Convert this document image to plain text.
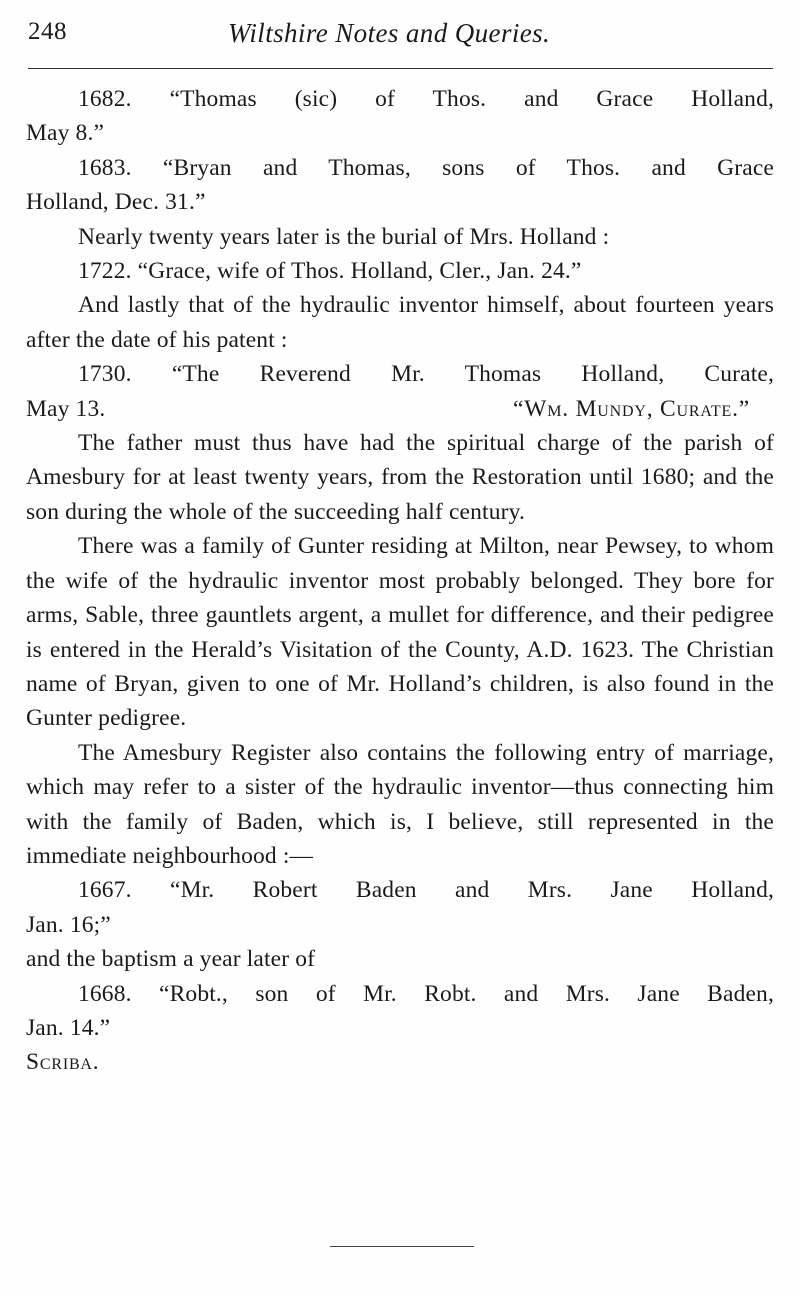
248	Wiltshire Notes and Queries.

1682. “Thomas (sic) of Thos. and Grace Holland,

May 8.”

1683. “Bryan and Thomas, sons of Thos. and Grace

Holland, Dec. 31.”

Nearly twenty years later is the burial of Mrs. Holland :

1722. “Grace, wife of Thos. Holland, Cler., Jan. 24.”

And lastly that of the hydraulic inventor himself, about fourteen years after the date of his patent :

1730. “The Reverend Mr. Thomas Holland, Curate,

May 13.	“Wm. Mundy, Curate.”

The father must thus have had the spiritual charge of the parish of Amesbury for at least twenty years, from the Restoration until 1680; and the son during the whole of the succeeding half century.

There was a family of Gunter residing at Milton, near Pewsey, to whom the wife of the hydraulic inventor most probably belonged. They bore for arms, Sable, three gauntlets argent, a mullet for difference, and their pedigree is entered in the Herald’s Visitation of the County, A.D. 1623. The Christian name of Bryan, given to one of Mr. Holland’s children, is also found in the Gunter pedigree.

The Amesbury Register also contains the following entry of marriage, which may refer to a sister of the hydraulic inventor—thus connecting him with the family of Baden, which is, I believe, still represented in the immediate neighbourhood :—

1667. “Mr. Robert Baden and Mrs. Jane Holland,

Jan. 16;”

and the baptism a year later of

1668. “Robt., son of Mr. Robt. and Mrs. Jane Baden,

Jan. 14.”

Scriba.
